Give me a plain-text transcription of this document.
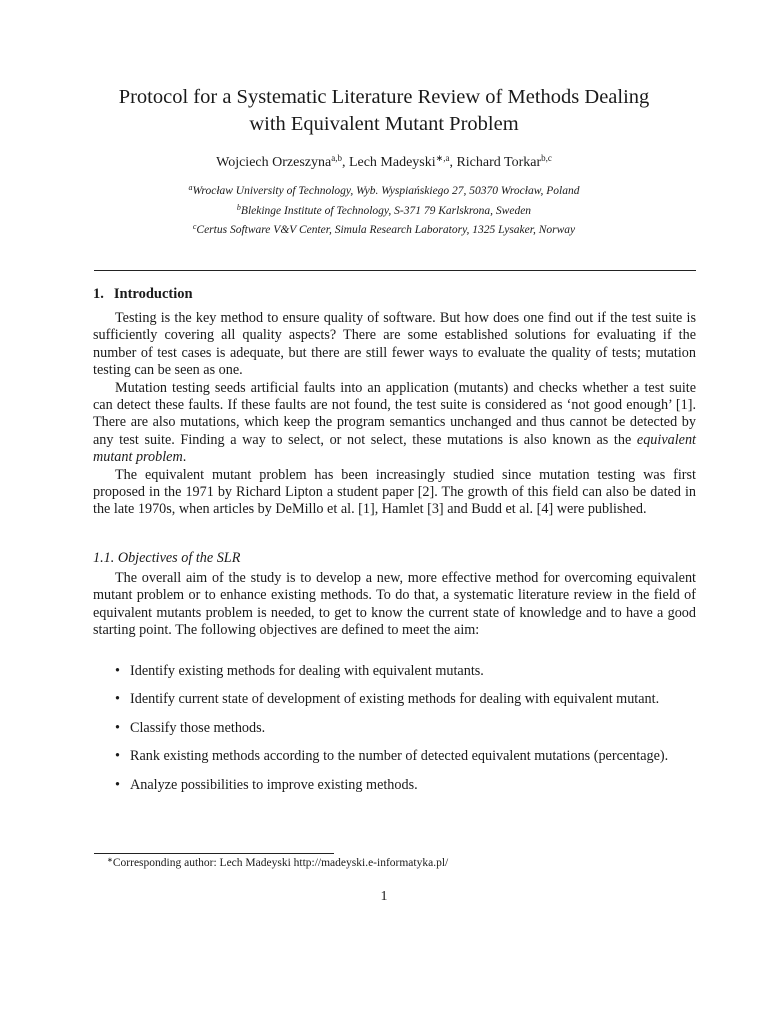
Protocol for a Systematic Literature Review of Methods Dealing
with Equivalent Mutant Problem
Wojciech Orzeszyna$^{a,b}$, Lech Madeyski$^{∗,a}$, Richard Torkar$^{b,c}$
$^a$Wrocław University of Technology, Wyb. Wyspiańskiego 27, 50370 Wrocław, Poland
$^b$Blekinge Institute of Technology, S-371 79 Karlskrona, Sweden
$^c$Certus Software V&V Center, Simula Research Laboratory, 1325 Lysaker, Norway
1. Introduction

Testing is the key method to ensure quality of software. But how does one find out if the test suite is sufficiently covering all quality aspects? There are some established solutions for evaluating if the number of test cases is adequate, but there are still fewer ways to evaluate the quality of tests; mutation testing can be seen as one.

Mutation testing seeds artificial faults into an application (mutants) and checks whether a test suite can detect these faults. If these faults are not found, the test suite is considered as ‘not good enough’ [1]. There are also mutations, which keep the program semantics unchanged and thus cannot be detected by any test suite. Finding a way to select, or not select, these mutations is also known as the equivalent mutant problem.

The equivalent mutant problem has been increasingly studied since mutation testing was first proposed in the 1971 by Richard Lipton a student paper [2]. The growth of this field can also be dated in the late 1970s, when articles by DeMillo et al. [1], Hamlet [3] and Budd et al. [4] were published.

1.1. Objectives of the SLR

The overall aim of the study is to develop a new, more effective method for overcoming equivalent mutant problem or to enhance existing methods. To do that, a systematic literature review in the field of equivalent mutants problem is needed, to get to know the current state of knowledge and to have a good starting point. The following objectives are defined to meet the aim:

• Identify existing methods for dealing with equivalent mutants.
• Identify current state of development of existing methods for dealing with equivalent mutant.
• Classify those methods.
• Rank existing methods according to the number of detected equivalent mutations (percentage).
• Analyze possibilities to improve existing methods.
∗Corresponding author: Lech Madeyski http://madeyski.e-informatyka.pl/
1
